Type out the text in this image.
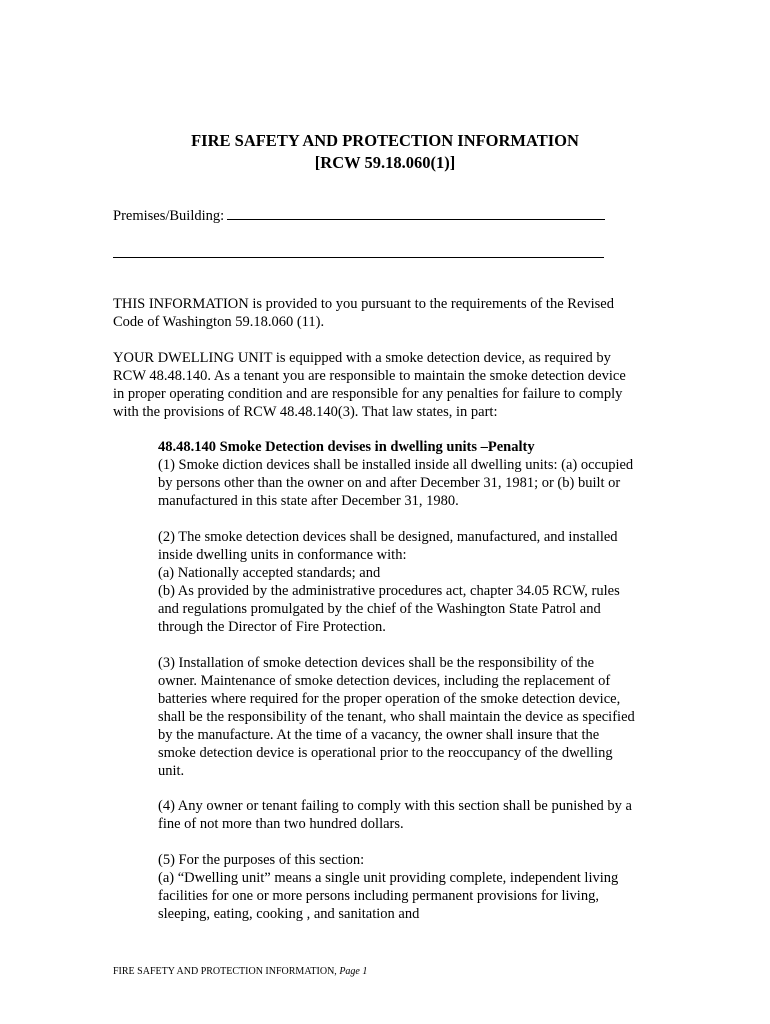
FIRE SAFETY AND PROTECTION INFORMATION
[RCW 59.18.060(1)]
Premises/Building:
THIS INFORMATION is provided to you pursuant to the requirements of the Revised
Code of Washington 59.18.060 (11).
YOUR DWELLING UNIT is equipped with a smoke detection device, as required by
RCW 48.48.140. As a tenant you are responsible to maintain the smoke detection device
in proper operating condition and are responsible for any penalties for failure to comply
with the provisions of RCW 48.48.140(3). That law states, in part:
48.48.140 Smoke Detection devises in dwelling units –Penalty
(1) Smoke diction devices shall be installed inside all dwelling units: (a) occupied
by persons other than the owner on and after December 31, 1981; or (b) built or
manufactured in this state after December 31, 1980.
(2) The smoke detection devices shall be designed, manufactured, and installed
inside dwelling units in conformance with:
(a) Nationally accepted standards; and
(b) As provided by the administrative procedures act, chapter 34.05 RCW, rules
and regulations promulgated by the chief of the Washington State Patrol and
through the Director of Fire Protection.
(3) Installation of smoke detection devices shall be the responsibility of the
owner. Maintenance of smoke detection devices, including the replacement of
batteries where required for the proper operation of the smoke detection device,
shall be the responsibility of the tenant, who shall maintain the device as specified
by the manufacture. At the time of a vacancy, the owner shall insure that the
smoke detection device is operational prior to the reoccupancy of the dwelling
unit.
(4) Any owner or tenant failing to comply with this section shall be punished by a
fine of not more than two hundred dollars.
(5) For the purposes of this section:
(a) “Dwelling unit” means a single unit providing complete, independent living
facilities for one or more persons including permanent provisions for living,
sleeping, eating, cooking , and sanitation and
FIRE SAFETY AND PROTECTION INFORMATION, Page 1
